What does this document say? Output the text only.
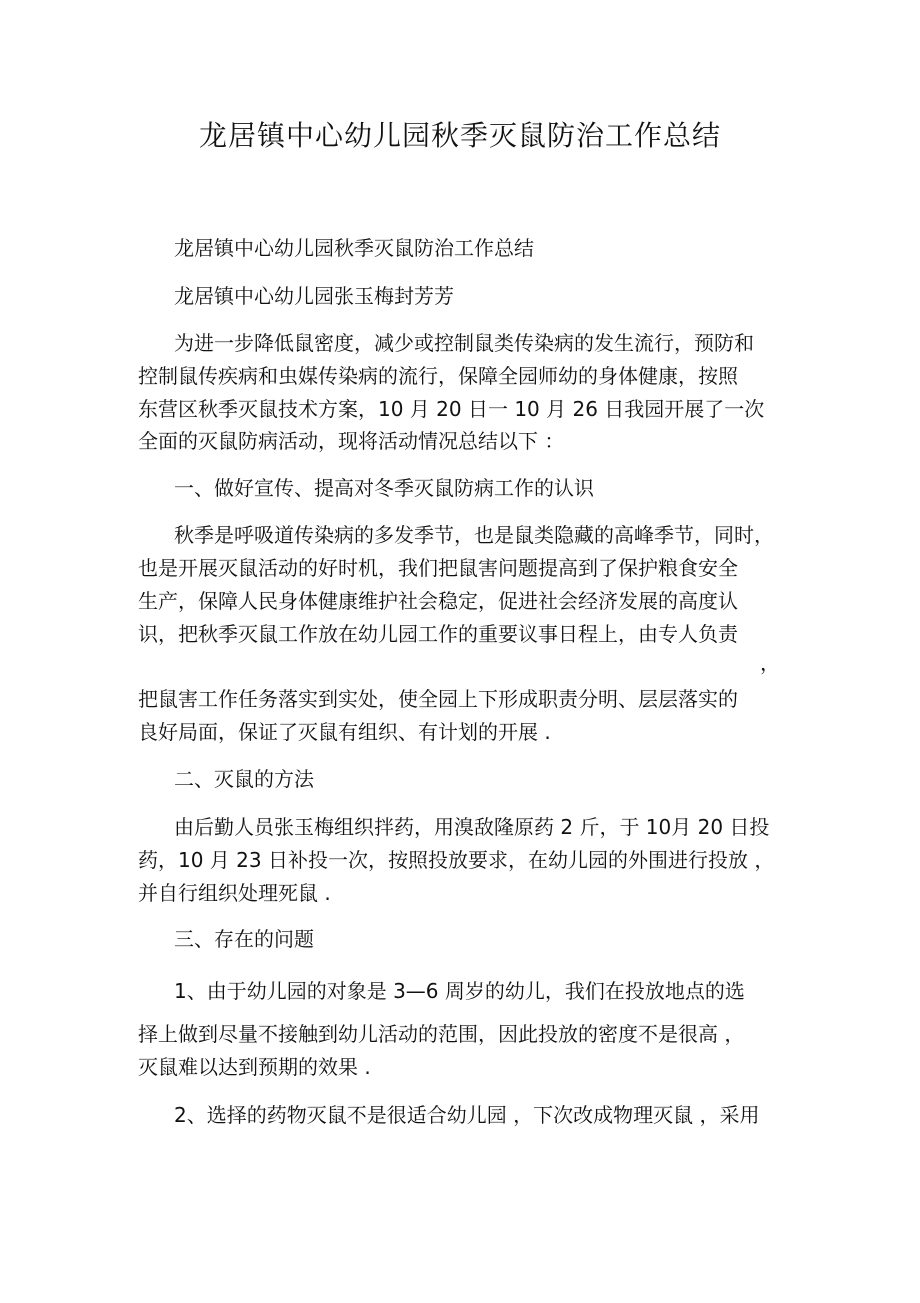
龙居镇中心幼儿园秋季灭鼠防治工作总结

龙居镇中心幼儿园秋季灭鼠防治工作总结

龙居镇中心幼儿园张玉梅封芳芳

为进一步降低鼠密度，减少或控制鼠类传染病的发生流行，预防和

控制鼠传疾病和虫媒传染病的流行，保障全园师幼的身体健康，按照

东营区秋季灭鼠技术方案，10 月 20 日一 10 月 26 日我园开展了一次

全面的灭鼠防病活动，现将活动情况总结以下 ：

一、做好宣传、提高对冬季灭鼠防病工作的认识

秋季是呼吸道传染病的多发季节，也是鼠类隐藏的高峰季节，同时，

也是开展灭鼠活动的好时机，我们把鼠害问题提高到了保护粮食安全

生产，保障人民身体健康维护社会稳定，促进社会经济发展的高度认

识，把秋季灭鼠工作放在幼儿园工作的重要议事日程上，由专人负责

，

把鼠害工作任务落实到实处，使全园上下形成职责分明、层层落实的

良好局面，保证了灭鼠有组织、有计划的开展 .

二、灭鼠的方法

由后勤人员张玉梅组织拌药，用溴敌隆原药 2 斤，于 10月 20 日投

药，10 月 23 日补投一次，按照投放要求，在幼儿园的外围进行投放 ，

并自行组织处理死鼠 .

三、存在的问题

1、由于幼儿园的对象是 3—6 周岁的幼儿，我们在投放地点的选

择上做到尽量不接触到幼儿活动的范围，因此投放的密度不是很高 ，

灭鼠难以达到预期的效果 .

2、选择的药物灭鼠不是很适合幼儿园 ，下次改成物理灭鼠 ，采用
